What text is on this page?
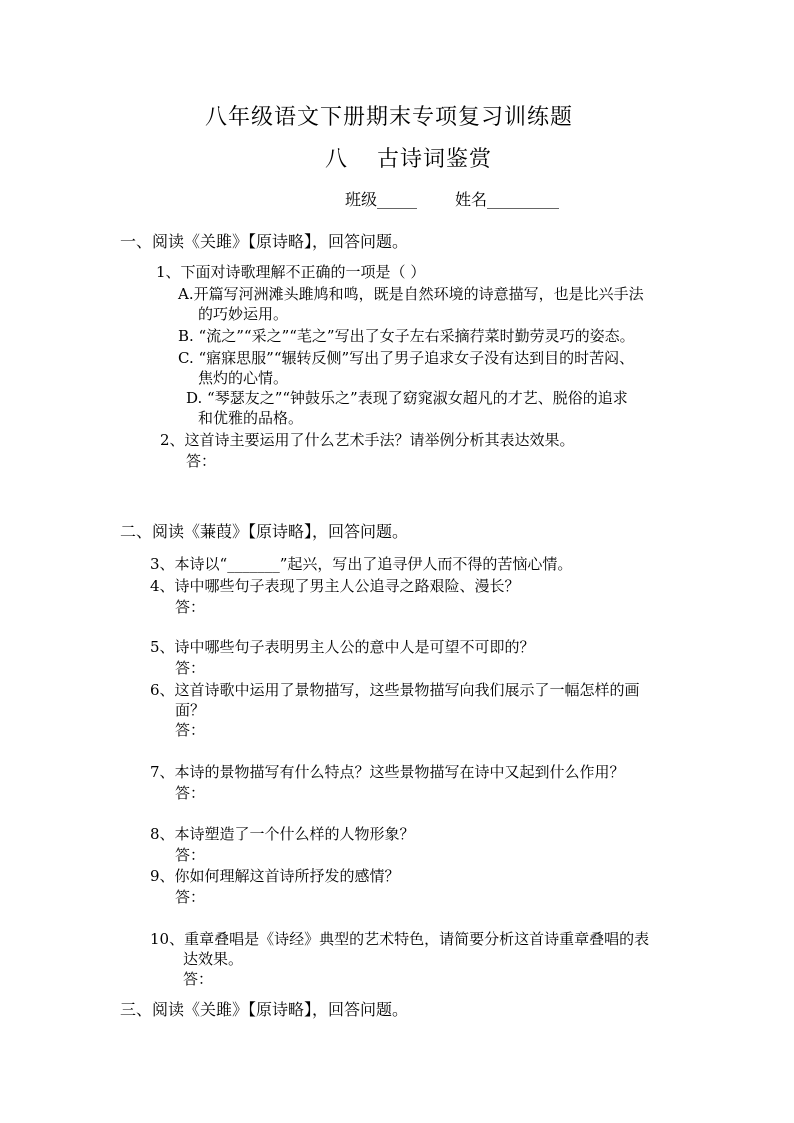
八年级语文下册期末专项复习训练题
八 古诗词鉴赏
班级_____ 姓名_________
一、阅读《关雎》【原诗略】，回答问题。
1、下面对诗歌理解不正确的一项是（ ）
A.开篇写河洲滩头雎鸠和鸣，既是自然环境的诗意描写，也是比兴手法
的巧妙运用。
B. “流之”“采之”“芼之”写出了女子左右采摘荇菜时勤劳灵巧的姿态。
C. “寤寐思服”“辗转反侧”写出了男子追求女子没有达到目的时苦闷、
焦灼的心情。
D. “琴瑟友之”“钟鼓乐之”表现了窈窕淑女超凡的才艺、脱俗的追求
和优雅的品格。
2、这首诗主要运用了什么艺术手法？请举例分析其表达效果。
答：
二、阅读《蒹葭》【原诗略】，回答问题。
3、本诗以“_______”起兴，写出了追寻伊人而不得的苦恼心情。
4、诗中哪些句子表现了男主人公追寻之路艰险、漫长？
答：
5、诗中哪些句子表明男主人公的意中人是可望不可即的？
答：
6、这首诗歌中运用了景物描写，这些景物描写向我们展示了一幅怎样的画
面？
答：
7、本诗的景物描写有什么特点？这些景物描写在诗中又起到什么作用？
答：
8、本诗塑造了一个什么样的人物形象？
答：
9、你如何理解这首诗所抒发的感情？
答：
10、重章叠唱是《诗经》典型的艺术特色，请简要分析这首诗重章叠唱的表
达效果。
答：
三、阅读《关雎》【原诗略】，回答问题。
